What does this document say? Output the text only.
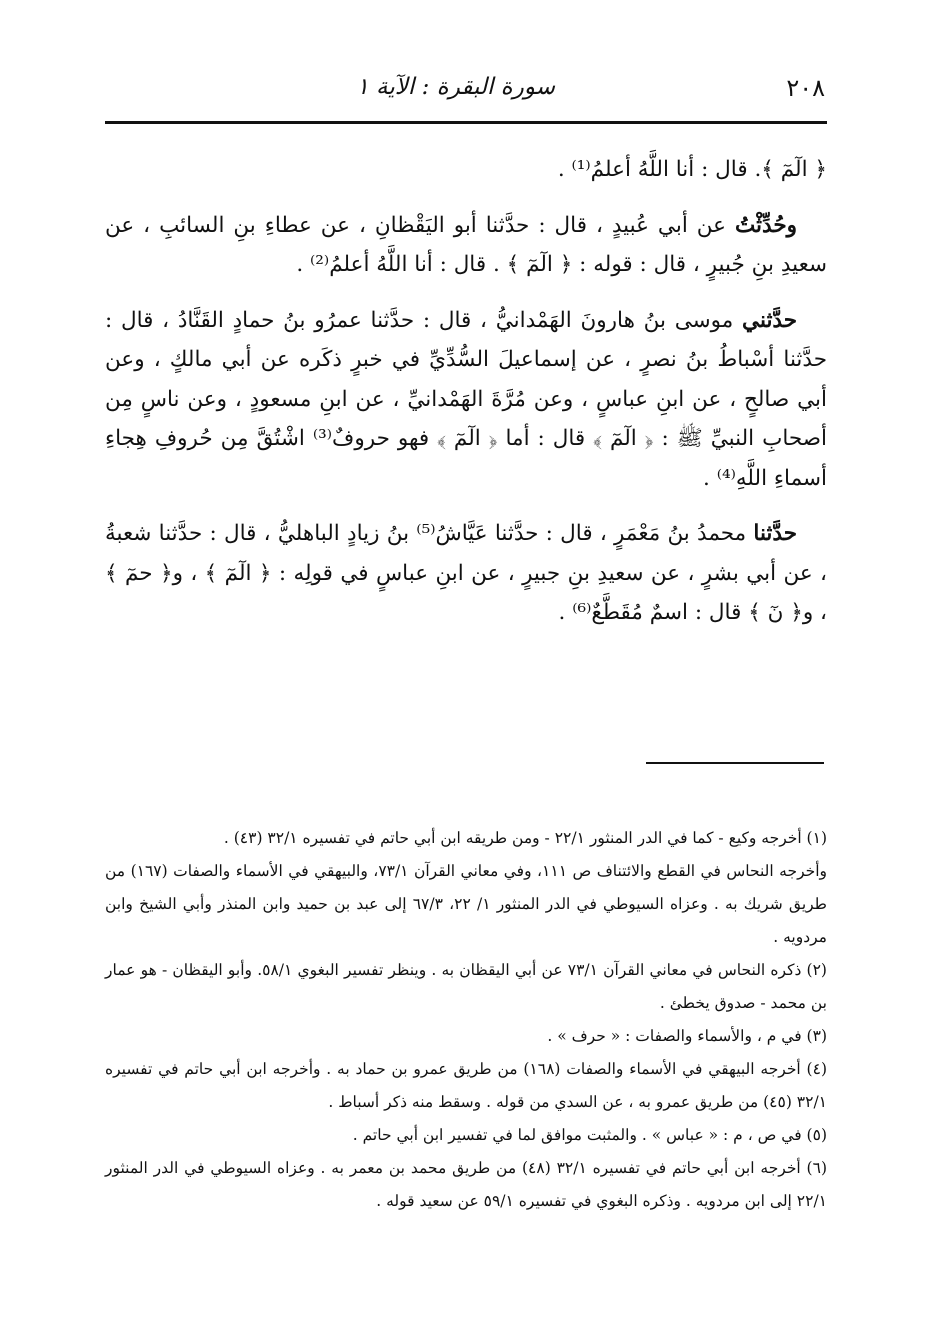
٢٠٨
سورة البقرة : الآية ١

﴿ الٓمٓ ﴾. قال : أنا اللَّهُ أعلمُ⁽¹⁾ .

وحُدِّثْتُ عن أبي عُبيدٍ ، قال : حدَّثنا أبو اليَقْظانِ ، عن عطاءِ بنِ السائبِ ، عن سعيدِ بنِ جُبيرٍ ، قال : قوله : ﴿ الٓمٓ ﴾ . قال : أنا اللَّهُ أعلمُ⁽²⁾ .

حدَّثني موسى بنُ هارونَ الهَمْدانيُّ ، قال : حدَّثنا عمرُو بنُ حمادٍ القَنَّادُ ، قال : حدَّثنا أسْباطُ بنُ نصرٍ ، عن إسماعيلَ السُّدِّيِّ في خبرٍ ذكَره عن أبي مالكٍ ، وعن أبي صالحٍ ، عن ابنِ عباسٍ ، وعن مُرَّةَ الهَمْدانيِّ ، عن ابنِ مسعودٍ ، وعن ناسٍ مِن أصحابِ النبيِّ ﷺ : ﴿ الٓمٓ ﴾ قال : أما ﴿ الٓمٓ ﴾ فهو حروفٌ⁽³⁾ اشْتُقَّ مِن حُروفِ هِجاءِ أسماءِ اللَّهِ⁽⁴⁾ .

حدَّثنا محمدُ بنُ مَعْمَرٍ ، قال : حدَّثنا عَيَّاشُ⁽⁵⁾ بنُ زيادٍ الباهليُّ ، قال : حدَّثنا شعبةُ ، عن أبي بشرٍ ، عن سعيدِ بنِ جبيرٍ ، عن ابنِ عباسٍ في قولِه : ﴿ الٓمٓ ﴾ ، و﴿ حمٓ ﴾ ، و﴿ نٓ ﴾ قال : اسمٌ مُقَطَّعٌ⁽⁶⁾ .

(١) أخرجه وكيع - كما في الدر المنثور ٢٢/١ - ومن طريقه ابن أبي حاتم في تفسيره ٣٢/١ (٤٣) .

وأخرجه النحاس في القطع والائتناف ص ١١١، وفي معاني القرآن ٧٣/١، والبيهقي في الأسماء والصفات (١٦٧) من طريق شريك به . وعزاه السيوطي في الدر المنثور ١/ ٢٢، ٦٧/٣ إلى عبد بن حميد وابن المنذر وأبي الشيخ وابن مردويه .

(٢) ذكره النحاس في معاني القرآن ٧٣/١ عن أبي اليقظان به . وينظر تفسير البغوي ٥٨/١. وأبو اليقظان - هو عمار بن محمد - صدوق يخطئ .

(٣) في م ، والأسماء والصفات : « حرف » .

(٤) أخرجه البيهقي في الأسماء والصفات (١٦٨) من طريق عمرو بن حماد به . وأخرجه ابن أبي حاتم في تفسيره ٣٢/١ (٤٥) من طريق عمرو به ، عن السدي من قوله . وسقط منه ذكر أسباط .

(٥) في ص ، م : « عباس » . والمثبت موافق لما في تفسير ابن أبي حاتم .

(٦) أخرجه ابن أبي حاتم في تفسيره ٣٢/١ (٤٨) من طريق محمد بن معمر به . وعزاه السيوطي في الدر المنثور ٢٢/١ إلى ابن مردويه . وذكره البغوي في تفسيره ٥٩/١ عن سعيد قوله .
